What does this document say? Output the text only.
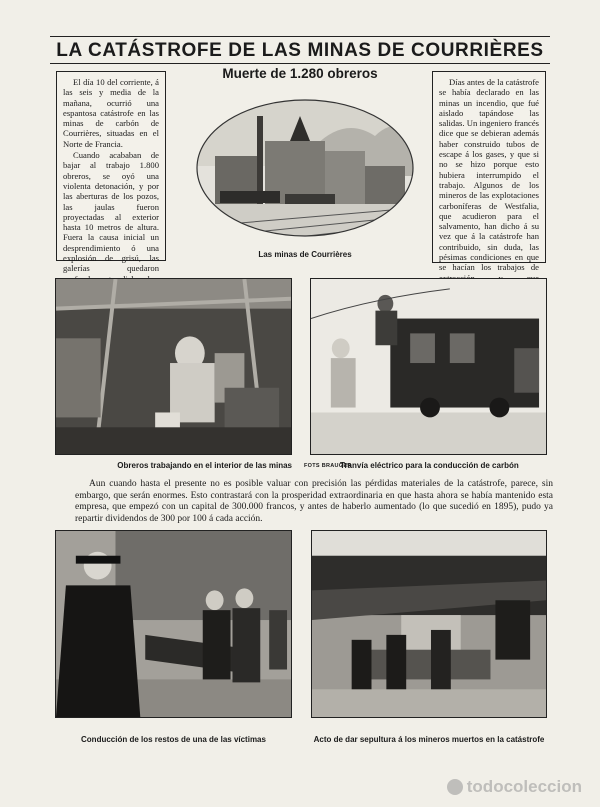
LA CATÁSTROFE DE LAS MINAS DE COURRIÈRES
Muerte de 1.280 obreros

El día 10 del corriente, á las seis y media de la mañana, ocurrió una espantosa catástrofe en las minas de carbón de Courrières, situadas en el Norte de Francia.

Cuando acababan de bajar al trabajo 1.800 obreros, se oyó una violenta detonación, y por las aberturas de los pozos, las jaulas fueron proyectadas al exterior hasta 10 metros de altura. Fuera la causa inicial un desprendimiento ó una explosión de grisú, las galerías quedaron

Días antes de la catástrofe se había declarado en las minas un incendio, que fué aislado tapándose las salidas. Un ingeniero francés dice que se debieran además haber construido tubos de escape á los gases, y que si no se hizo porque esto hubiera interrumpido el trabajo. Algunos de los mineros de las explotaciones carboníferas de Westfalia, que acudieron para el salvamento, han dicho á su vez que á la catástrofe han contribuido, sin duda, las pésimas condiciones en que se hacían los trabajos de

Las minas de Courrières
Obreros trabajando en el interior de las minas	FOTS BRAUGER
Tranvía eléctrico para la conducción de carbón

Aun cuando hasta el presente no es posible valuar con precisión las pérdidas materiales de la catástrofe, parece, sin embargo, que serán enormes. Esto contrastará con la prosperidad extraordinaria en que hasta ahora se había mantenido esta empresa, que empezó con un capital de 300.000 francos, y antes de haberlo aumentado (lo que sucedió en 1895), pudo ya repartir dividendos de 300 por 100 á cada acción.

Conducción de los restos de una de las víctimas	Acto de dar sepultura á los mineros muertos en la catástrofe
todocoleccion
